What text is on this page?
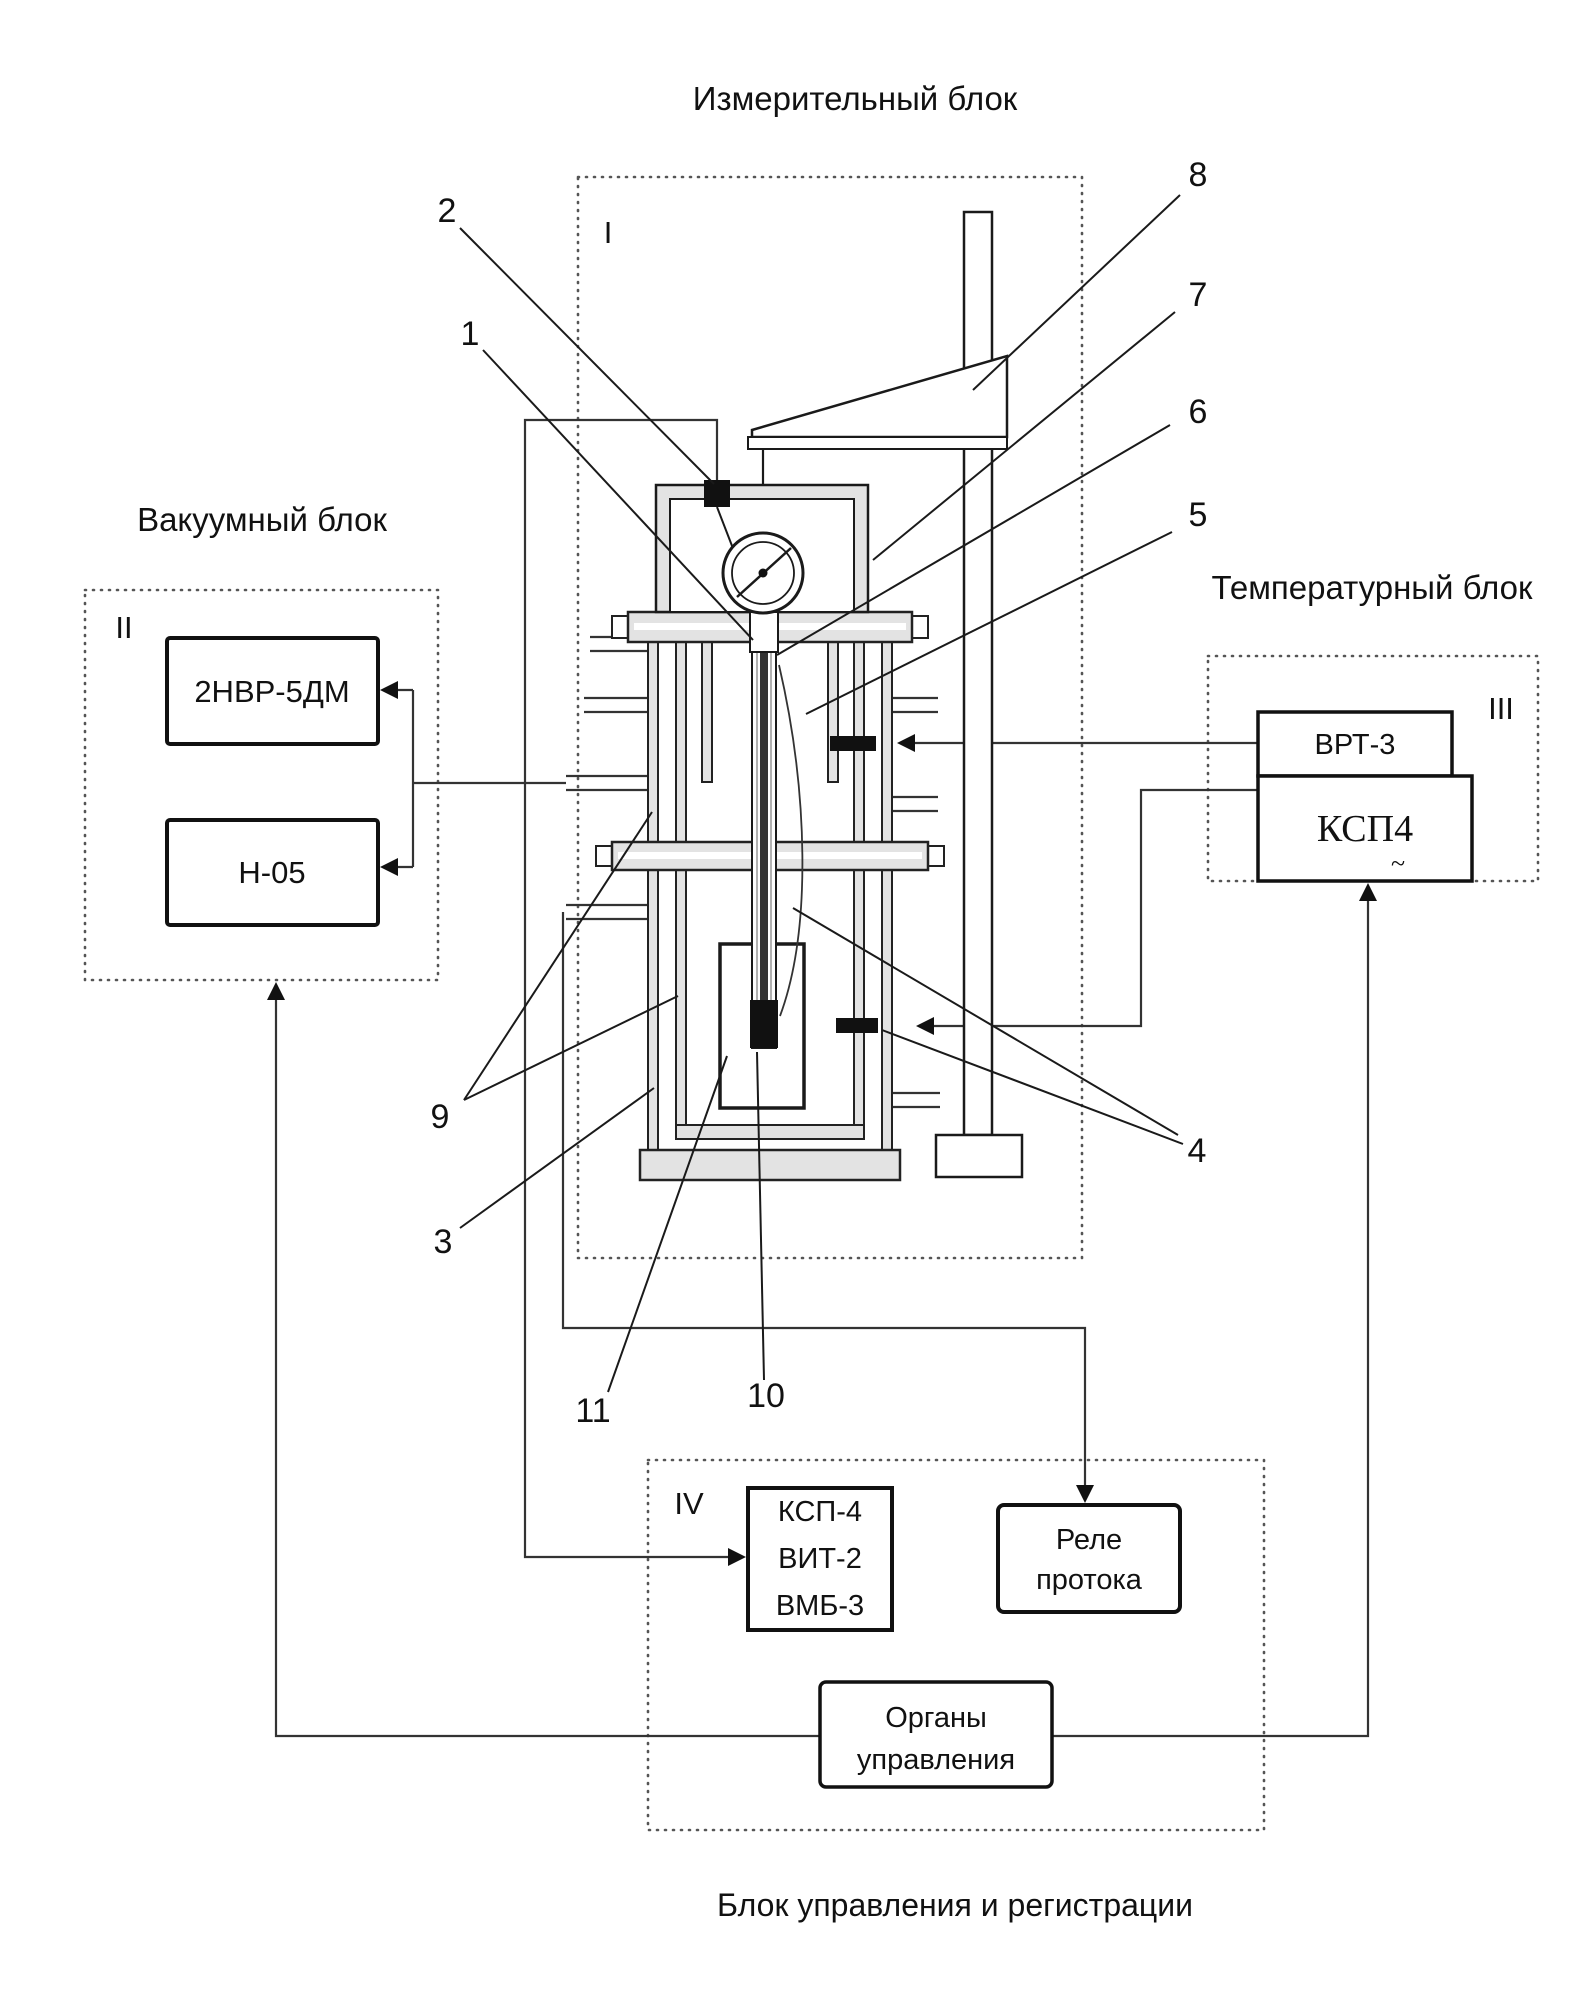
1
2
3
4
5
6
7
8
9
10
11
Измерительный блок
Вакуумный блок
Температурный блок
Блок управления и регистрации
I
II
III
IV
2НВР-5ДМ
Н-05
ВРТ-3
КСП4
~
КСП-4
ВИТ-2
ВМБ-3
Реле
протока
Органы
управления
